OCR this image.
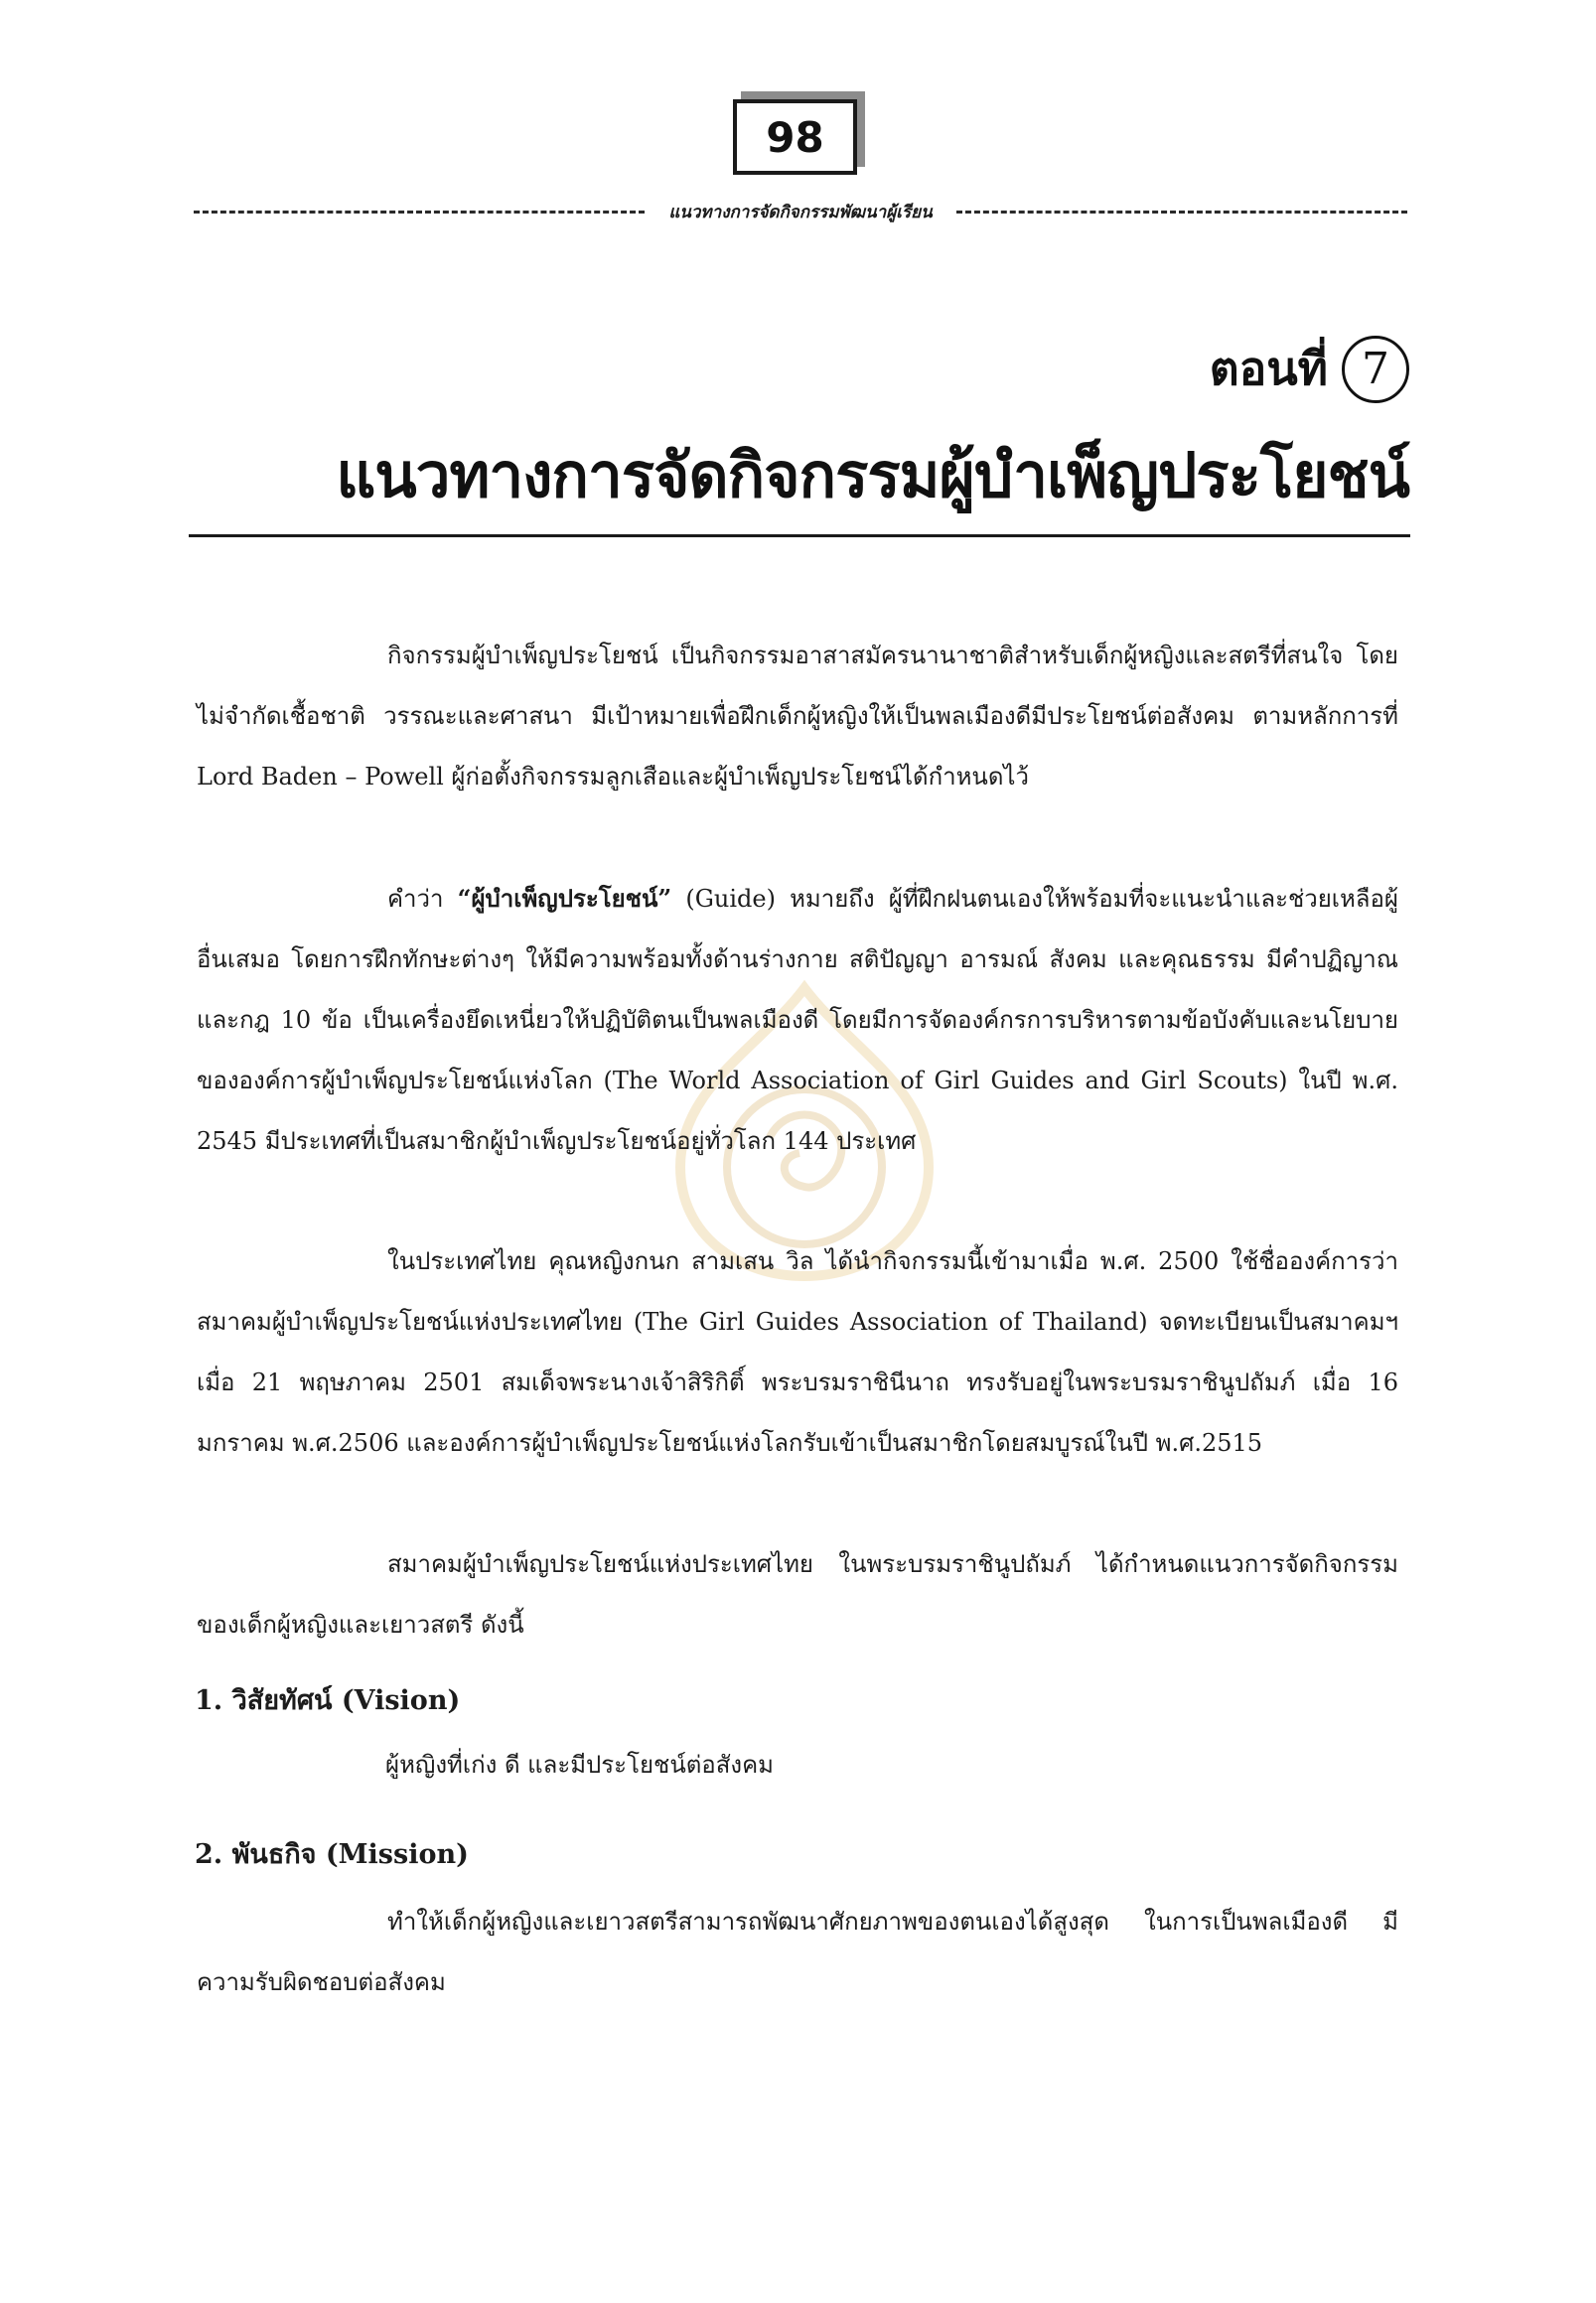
98
แนวทางการจัดกิจกรรมพัฒนาผู้เรียน
ตอนที่ 7
แนวทางการจัดกิจกรรมผู้บำเพ็ญประโยชน์

กิจกรรมผู้บำเพ็ญประโยชน์ เป็นกิจกรรมอาสาสมัครนานาชาติสำหรับเด็กผู้หญิงและสตรีที่สนใจ โดยไม่จำกัดเชื้อชาติ วรรณะและศาสนา มีเป้าหมายเพื่อฝึกเด็กผู้หญิงให้เป็นพลเมืองดีมีประโยชน์ต่อสังคม ตามหลักการที่ Lord Baden – Powell ผู้ก่อตั้งกิจกรรมลูกเสือและผู้บำเพ็ญประโยชน์ได้กำหนดไว้

คำว่า “ผู้บำเพ็ญประโยชน์” (Guide) หมายถึง ผู้ที่ฝึกฝนตนเองให้พร้อมที่จะแนะนำและช่วยเหลือผู้อื่นเสมอ โดยการฝึกทักษะต่างๆ ให้มีความพร้อมทั้งด้านร่างกาย สติปัญญา อารมณ์ สังคม และคุณธรรม มีคำปฏิญาณ และกฎ 10 ข้อ เป็นเครื่องยึดเหนี่ยวให้ปฏิบัติตนเป็นพลเมืองดี โดยมีการจัดองค์กรการบริหารตามข้อบังคับและนโยบายขององค์การผู้บำเพ็ญประโยชน์แห่งโลก (The World Association of Girl Guides and Girl Scouts) ในปี พ.ศ. 2545 มีประเทศที่เป็นสมาชิกผู้บำเพ็ญประโยชน์อยู่ทั่วโลก 144 ประเทศ

ในประเทศไทย คุณหญิงกนก สามเสน วิล ได้นำกิจกรรมนี้เข้ามาเมื่อ พ.ศ. 2500 ใช้ชื่อองค์การว่าสมาคมผู้บำเพ็ญประโยชน์แห่งประเทศไทย (The Girl Guides Association of Thailand) จดทะเบียนเป็นสมาคมฯ เมื่อ 21 พฤษภาคม 2501 สมเด็จพระนางเจ้าสิริกิติ์ พระบรมราชินีนาถ ทรงรับอยู่ในพระบรมราชินูปถัมภ์ เมื่อ 16 มกราคม พ.ศ.2506 และองค์การผู้บำเพ็ญประโยชน์แห่งโลกรับเข้าเป็นสมาชิกโดยสมบูรณ์ในปี พ.ศ.2515

สมาคมผู้บำเพ็ญประโยชน์แห่งประเทศไทย ในพระบรมราชินูปถัมภ์ ได้กำหนดแนวการจัดกิจกรรมของเด็กผู้หญิงและเยาวสตรี ดังนี้

1. วิสัยทัศน์ (Vision)

ผู้หญิงที่เก่ง ดี และมีประโยชน์ต่อสังคม

2. พันธกิจ (Mission)

ทำให้เด็กผู้หญิงและเยาวสตรีสามารถพัฒนาศักยภาพของตนเองได้สูงสุด ในการเป็นพลเมืองดี มีความรับผิดชอบต่อสังคม
